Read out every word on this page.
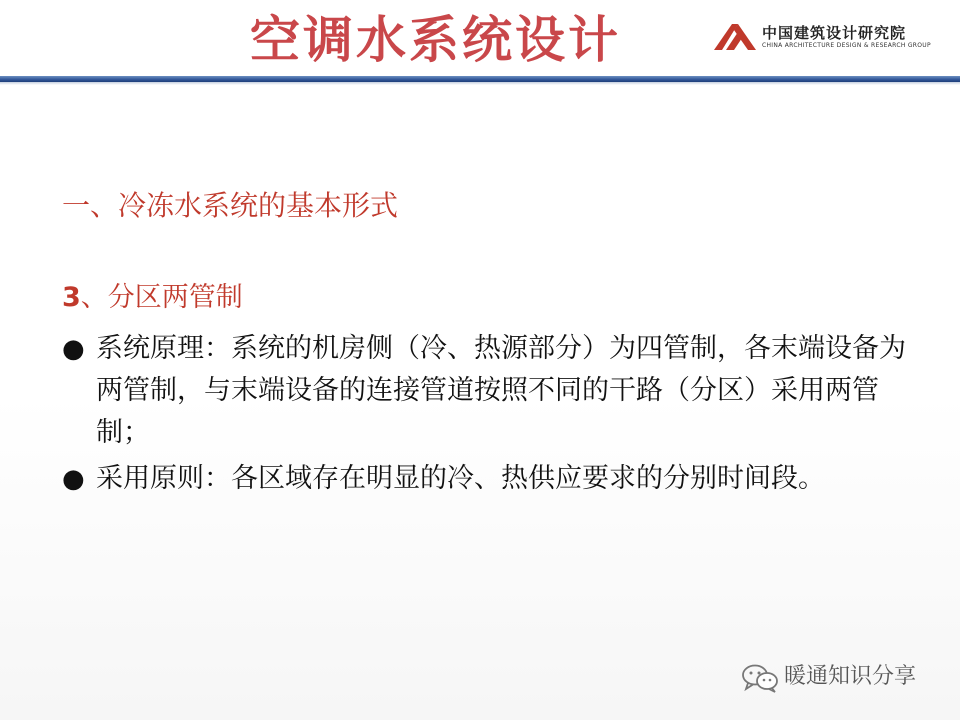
空调水系统设计	中国建筑设计研究院
CHINA ARCHITECTURE DESIGN & RESEARCH GROUP
一、冷冻水系统的基本形式
3、分区两管制
● 系统原理：系统的机房侧（冷、热源部分）为四管制，各末端设备为两管制，与末端设备的连接管道按照不同的干路（分区）采用两管制；
● 采用原则：各区域存在明显的冷、热供应要求的分别时间段。
暖通知识分享
